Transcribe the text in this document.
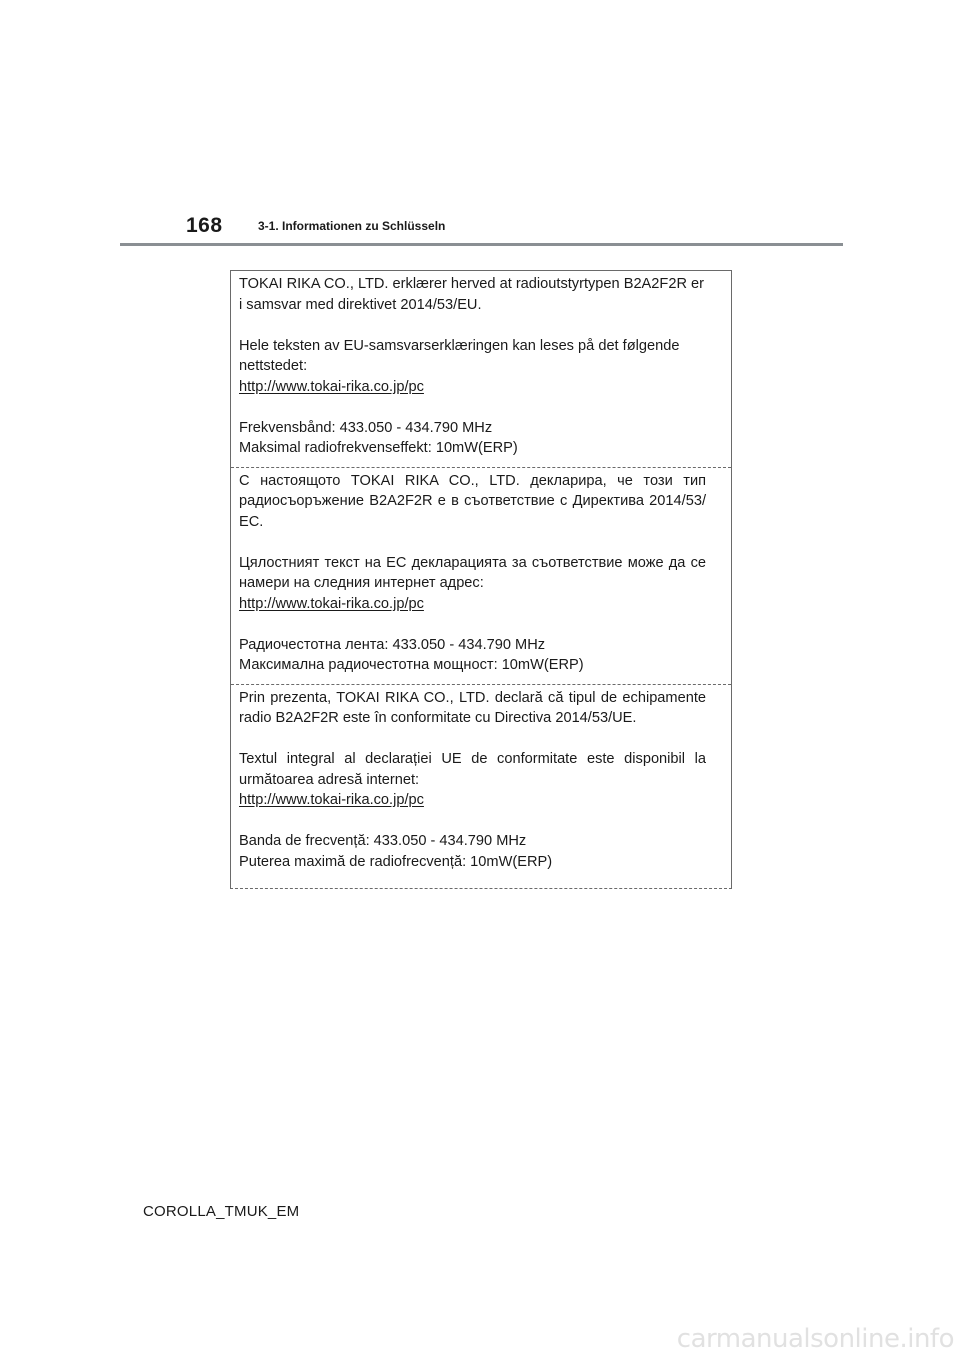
168	3-1. Informationen zu Schlüsseln

TOKAI RIKA CO., LTD. erklærer herved at radioutstyrtypen B2A2F2R er i samsvar med direktivet 2014/53/EU.

Hele teksten av EU-samsvarserklæringen kan leses på det følgende nettstedet:
http://www.tokai-rika.co.jp/pc

Frekvensbånd: 433.050 - 434.790 MHz
Maksimal radiofrekvenseffekt: 10mW(ERP)

С настоящото TOKAI RIKA CO., LTD. декларира, че този тип радиосъоръжение B2A2F2R е в съответствие с Директива 2014/53/ЕС.

Цялостният текст на ЕС декларацията за съответствие може да се намери на следния интернет адрес:
http://www.tokai-rika.co.jp/pc

Радиочестотна лента: 433.050 - 434.790 MHz
Максимална радиочестотна мощност: 10mW(ERP)

Prin prezenta, TOKAI RIKA CO., LTD. declară că tipul de echipamente radio B2A2F2R este în conformitate cu Directiva 2014/53/UE.

Textul integral al declarației UE de conformitate este disponibil la următoarea adresă internet:
http://www.tokai-rika.co.jp/pc

Banda de frecvență: 433.050 - 434.790 MHz
Puterea maximă de radiofrecvență: 10mW(ERP)

COROLLA_TMUK_EM
carmanualsonline.info
